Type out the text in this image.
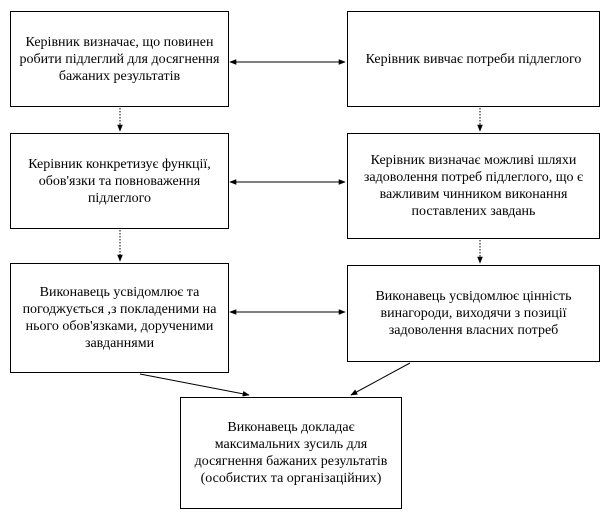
Керівник визначає, що повинен робити підлеглий для досягнення бажаних результатів
Керівник вивчає потреби підлеглого
Керівник конкретизує функції, обов'язки та повноваження підлеглого
Керівник визначає можливі шляхи задоволення потреб підлеглого, що є важливим чинником виконання поставлених завдань
Виконавець усвідомлює та погоджується ,з покладеними на нього обов'язками, дорученими завданнями
Виконавець усвідомлює цінність винагороди, виходячи з позиції задоволення власних потреб
Виконавець докладає максимальних зусиль для досягнення бажаних результатів (особистих та організаційних)
